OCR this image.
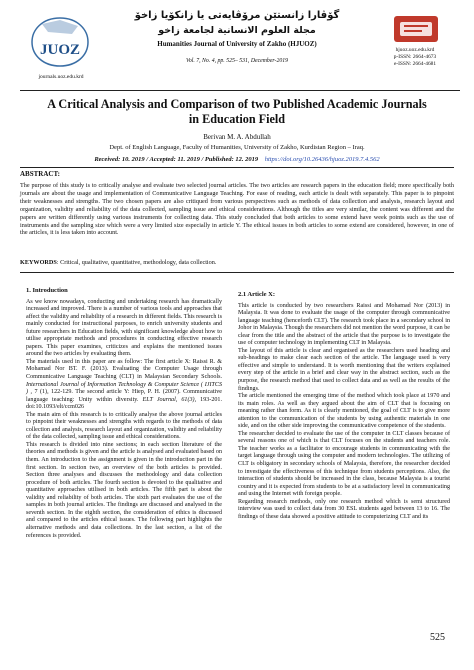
JUOZ
journals.uoz.edu.krd
گۆڤارا زانستێن مرۆڤایەتی یا زانکۆیا زاخۆ
مجلة العلوم الانسانية لجامعة زاخو
Humanities Journal of University of Zakho (HJUOZ)
Vol. 7, No. 4, pp. 525– 531, December-2019
hjuoz.uoz.edu.krd
p-ISSN: 2664-4673
e-ISSN: 2664-4681
A Critical Analysis and Comparison of two Published Academic Journals in Education Field
Berivan M. A. Abdullah
Dept. of English Language, Faculty of Humanities, University of Zakho, Kurdistan Region – Iraq.
Received: 10. 2019 / Accepted: 11. 2019 / Published: 12. 2019 https://doi.org/10.26436/hjuoz.2019.7.4.562
ABSTRACT:
The purpose of this study is to critically analyse and evaluate two selected journal articles. The two articles are research papers in the education field; more specifically both journals are about the usage and implementation of Communicative Language Teaching. For ease of reading, each article is dealt with separately. This paper is to pinpoint their weaknesses and strengths. The two chosen papers are also critiqued from various perspectives such as methods of data collection and analysis, research layout and organization, validity and reliability of the data collected, sampling issue and ethical considerations. Although the titles are very similar, the content was different and the papers are written differently using various instruments for collecting data. This study concluded that both articles to some extend have week points such as the use of instruments and the sampling size which were a very limited size especially in article Y. The ethical issues in both articles to some extend are considered, however, in one of the articles, it is less taken into account.
KEYWORDS: Critical, qualitative, quantitative, methodology, data collection.
1. Introduction

As we know nowadays, conducting and undertaking research has dramatically increased and improved. There is a number of various tools and approaches that affect the validity and reliability of a research in different fields. This research is mainly conducted for instructional purposes, to enrich university students and future researchers in Education fields, with significant knowledge about how to utilise appropriate methods and procedures in conducting effective research papers. This paper examines, criticizes and explains the mentioned issues around the two articles by evaluating them.

The materials used in this paper are as follow: The first article X: Raissi R. & Mohamad Nor BT. F. (2013). Evaluating the Computer Usage through Communicative Language Teaching (CLT) in Malaysian Secondary Schools. International Journal of Information Technology & Computer Science ( IJITCS ) , 7 (1), 122-129. The second article Y: Hiep, P. H. (2007). Communicative language teaching: Unity within diversity. ELT Journal, 61(3), 193-201. doi:10.1093/elt/ccm026

The main aim of this research is to critically analyse the above journal articles to pinpoint their weaknesses and strengths with regards to the methods of data collection and analysis, research layout and organization, validity and reliability of the data collected, sampling issue and ethical considerations.

This research is divided into nine sections; in each section literature of the theories and methods is given and the article is analysed and evaluated based on them. An introduction to the assignment is given in the introduction part in the first section. In section two, an overview of the both articles is provided. Section three analyses and discusses the methodology and data collection procedure of both articles. The fourth section is devoted to the qualitative and quantitative approaches utilised in both articles. The fifth part is about the validity and reliability of both articles. The sixth part evaluates the use of the samples in both journal articles. The findings are discussed and analysed in the seventh section. In the eighth section, the consideration of ethics is discussed and compared to the articles ethical issues. The following part highlights the alternative methods and data collections. In the last section, a list of the references is provided.

2.1 Article X:

This article is conducted by two researchers Raissi and Mohamad Nor (2013) in Malaysia. It was done to evaluate the usage of the computer through communicative language teaching (henceforth CLT). The research took place in a secondary school in Johor in Malaysia. Though the researchers did not mention the word purpose, it can be clear from the title and the abstract of the article that the purpose is to investigate the use of computer technology in implementing CLT in Malaysia.

The layout of this article is clear and organised as the researchers used heading and sub-headings to make clear each section of the article. The language used is very effective and simple to understand. It is worth mentioning that the writers explained every step of the article in a brief and clear way in the abstract section, such as the purpose, the research method that used to collect data and as well as the results of the findings.

The article mentioned the emerging time of the method which took place at 1970 and its main roles. As well as they argued about the aim of CLT that is focusing on meaning rather than form. As it is clearly mentioned, the goal of CLT is to give more attention to the communication of the students by using authentic materials in one side, and on the other side improving the communicative competence of the students.

The researcher decided to evaluate the use of the computer in CLT classes because of several reasons one of which is that CLT focuses on the students and teachers role. The teacher works as a facilitator to encourage students in communicating with the target language through using the computer and modern technologies. The utilizing of CLT is obligatory in secondary schools of Malaysia, therefore, the researcher decided to investigate the effectiveness of this technique from students perceptions. Also, the interaction of students should be increased in the class, because Malaysia is a tourist country and it is expected from students to be at a satisfactory level in communicating and using the Internet with foreign people.

Regarding research methods, only one research method which is semi structured interview was used to collect data from 30 ESL students aged between 13 to 16. The findings of these data showed a positive attitude to computerizing CLT and its

525
